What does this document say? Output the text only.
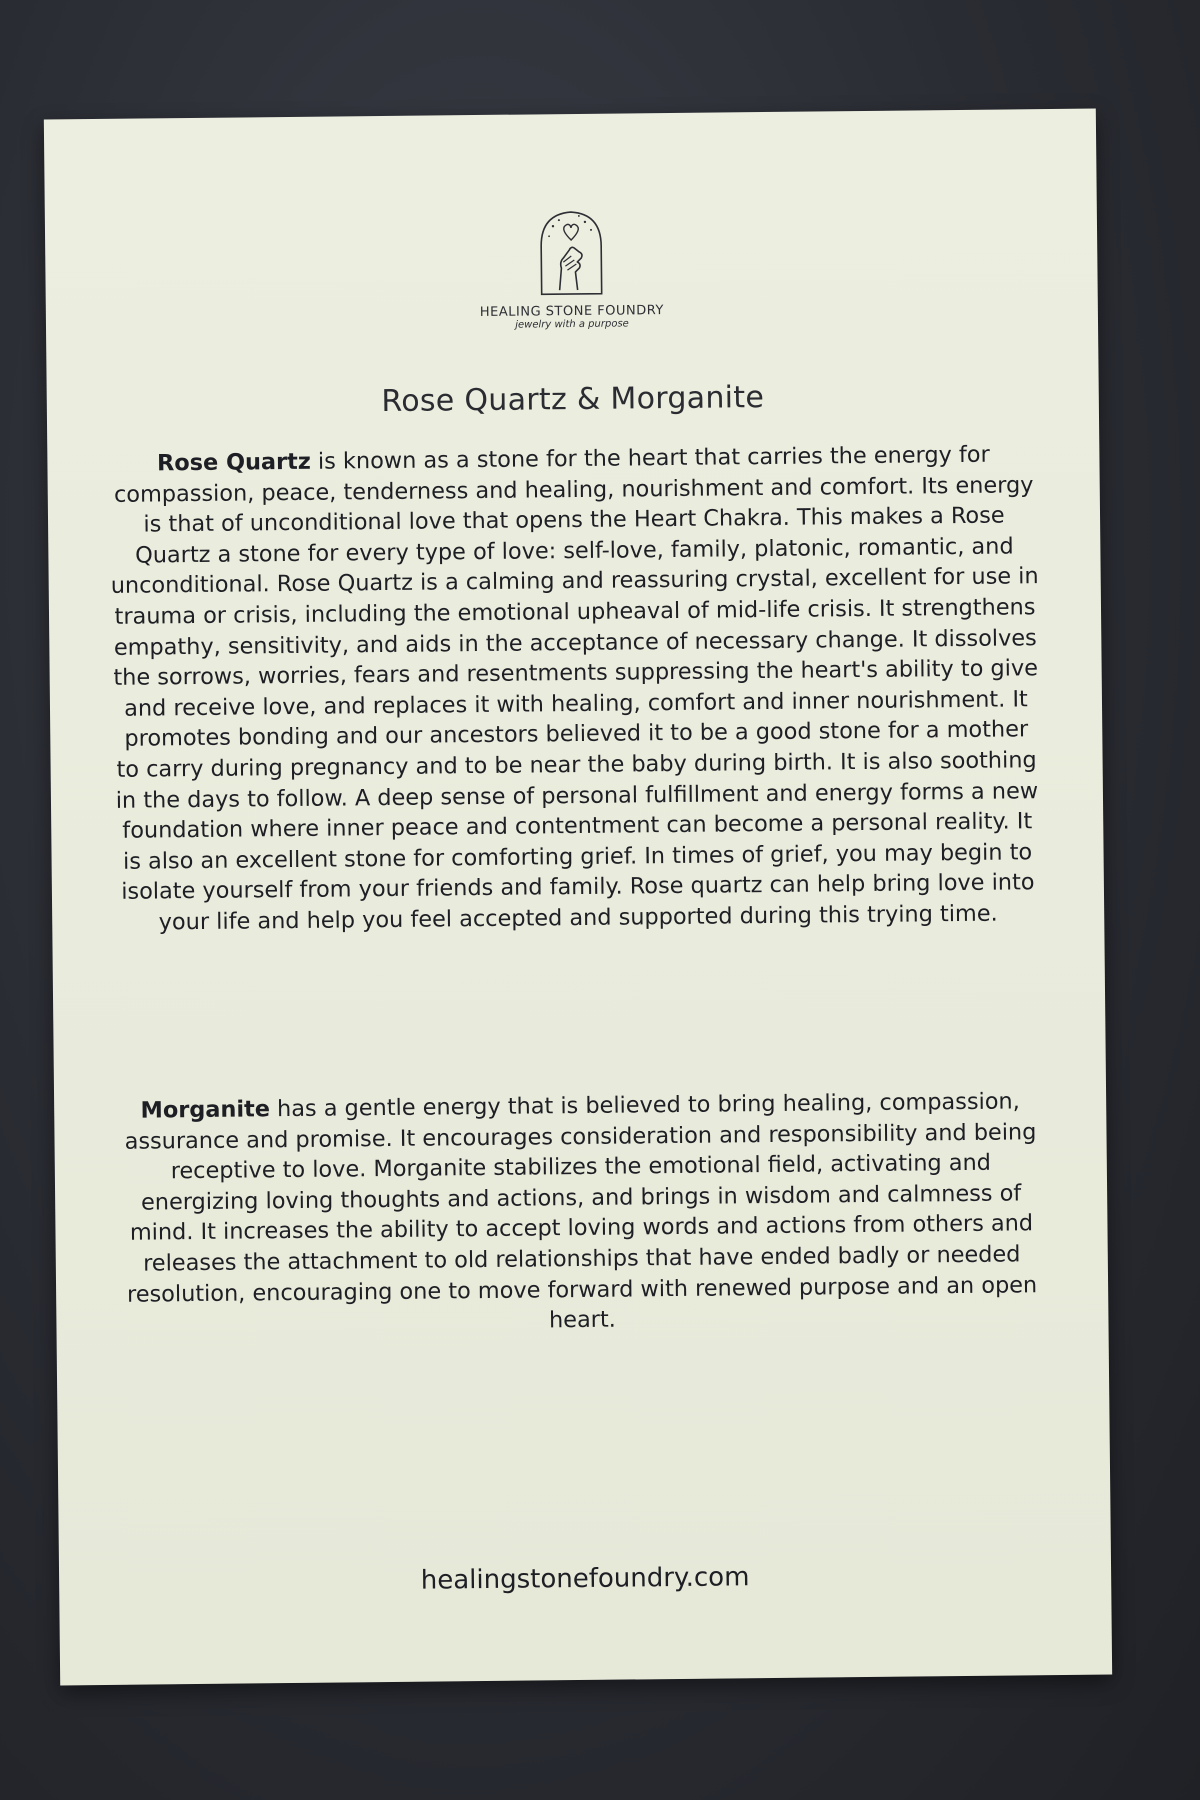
HEALING STONE FOUNDRY
jewelry with a purpose
Rose Quartz & Morganite
Rose Quartz is known as a stone for the heart that carries the energy for compassion, peace, tenderness and healing, nourishment and comfort. Its energy is that of unconditional love that opens the Heart Chakra. This makes a Rose Quartz a stone for every type of love: self-love, family, platonic, romantic, and unconditional. Rose Quartz is a calming and reassuring crystal, excellent for use in trauma or crisis, including the emotional upheaval of mid-life crisis. It strengthens empathy, sensitivity, and aids in the acceptance of necessary change. It dissolves the sorrows, worries, fears and resentments suppressing the heart's ability to give and receive love, and replaces it with healing, comfort and inner nourishment. It promotes bonding and our ancestors believed it to be a good stone for a mother to carry during pregnancy and to be near the baby during birth. It is also soothing in the days to follow. A deep sense of personal fulfillment and energy forms a new foundation where inner peace and contentment can become a personal reality. It is also an excellent stone for comforting grief. In times of grief, you may begin to isolate yourself from your friends and family. Rose quartz can help bring love into your life and help you feel accepted and supported during this trying time.
Morganite has a gentle energy that is believed to bring healing, compassion, assurance and promise. It encourages consideration and responsibility and being receptive to love. Morganite stabilizes the emotional field, activating and energizing loving thoughts and actions, and brings in wisdom and calmness of mind. It increases the ability to accept loving words and actions from others and releases the attachment to old relationships that have ended badly or needed resolution, encouraging one to move forward with renewed purpose and an open heart.
healingstonefoundry.com
